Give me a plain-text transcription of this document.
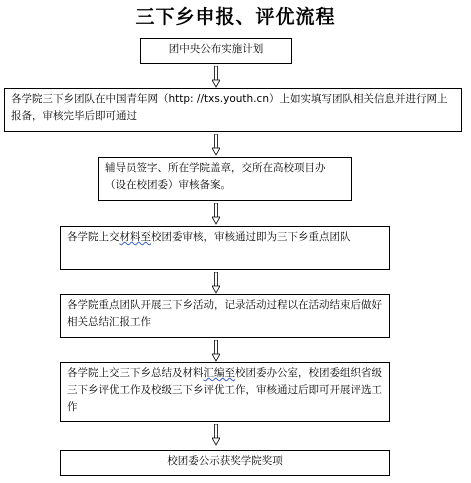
三下乡申报、评优流程
团中央公布实施计划
各学院三下乡团队在中国青年网（http: //txs.youth.cn）上如实填写团队相关信息并进行网上报备，审核完毕后即可通过
辅导员签字、所在学院盖章，交所在高校项目办（设在校团委）审核备案。
各学院上交材料至校团委审核，审核通过即为三下乡重点团队
各学院重点团队开展三下乡活动，记录活动过程以在活动结束后做好相关总结汇报工作
各学院上交三下乡总结及材料汇编至校团委办公室，校团委组织省级三下乡评优工作及校级三下乡评优工作，审核通过后即可开展评选工作
校团委公示获奖学院奖项
